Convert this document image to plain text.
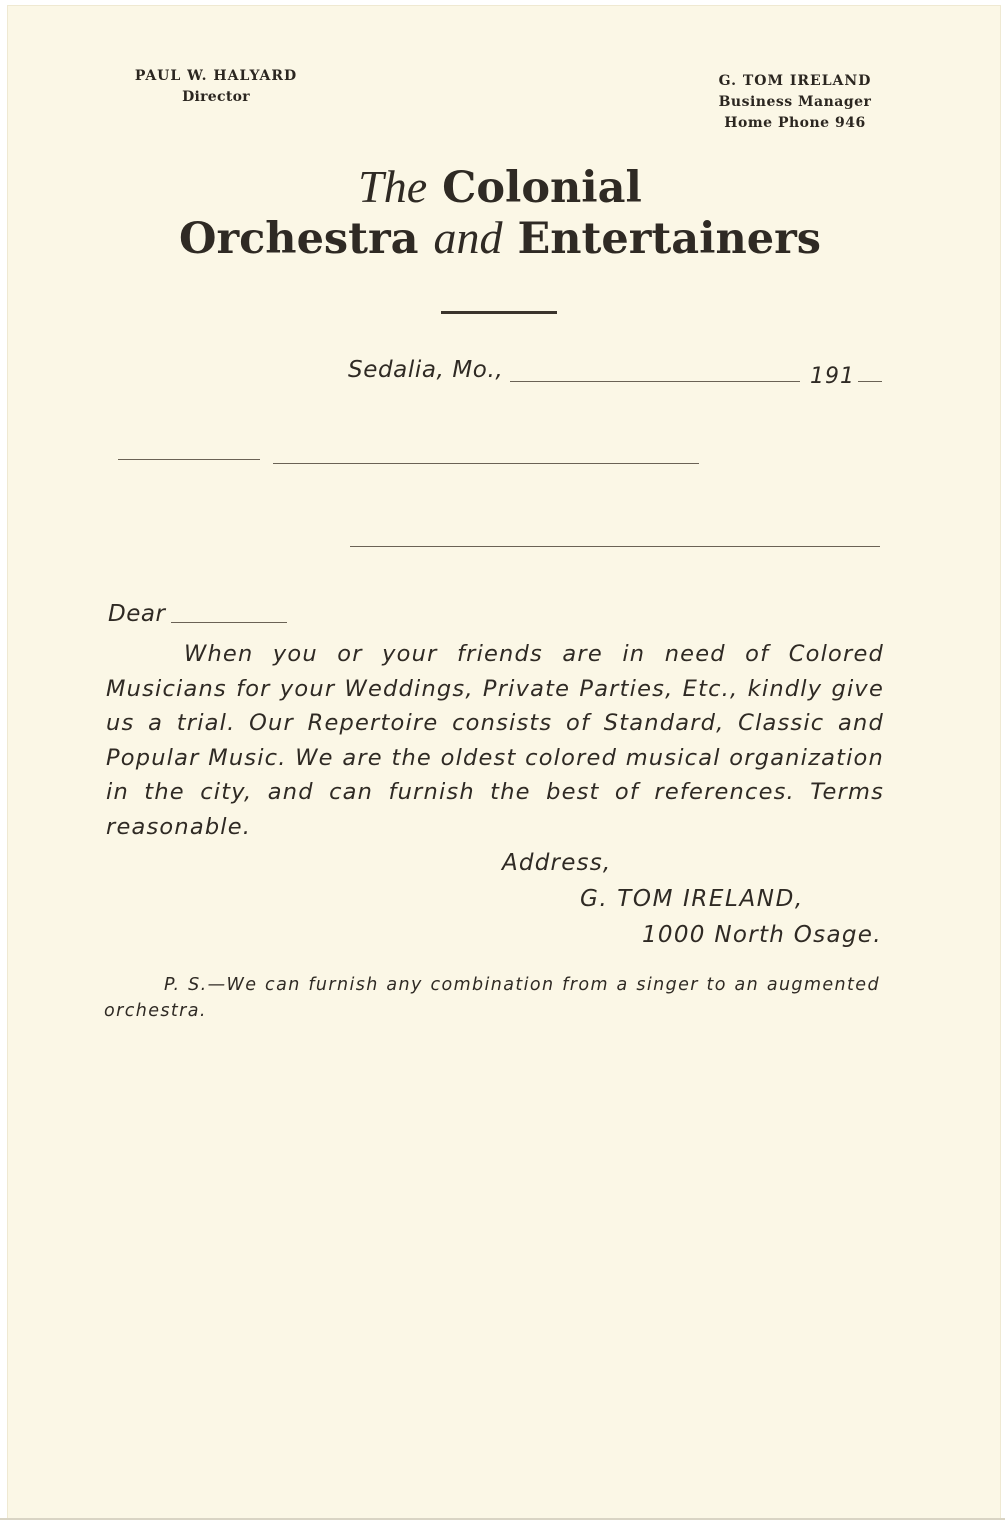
PAUL W. HALYARD
Director
G. TOM IRELAND
Business Manager
Home Phone 946
The Colonial
Orchestra and Entertainers
Sedalia, Mo.,	191
Dear
When you or your friends are in need of Colored Musicians for your Weddings, Private Parties, Etc., kindly give us a trial. Our Repertoire consists of Standard, Classic and Popular Music. We are the oldest colored musical organization in the city, and can furnish the best of references. Terms reasonable.
Address,
G. TOM IRELAND,
1000 North Osage.
P. S.—We can furnish any combination from a singer to an augmented orchestra.
